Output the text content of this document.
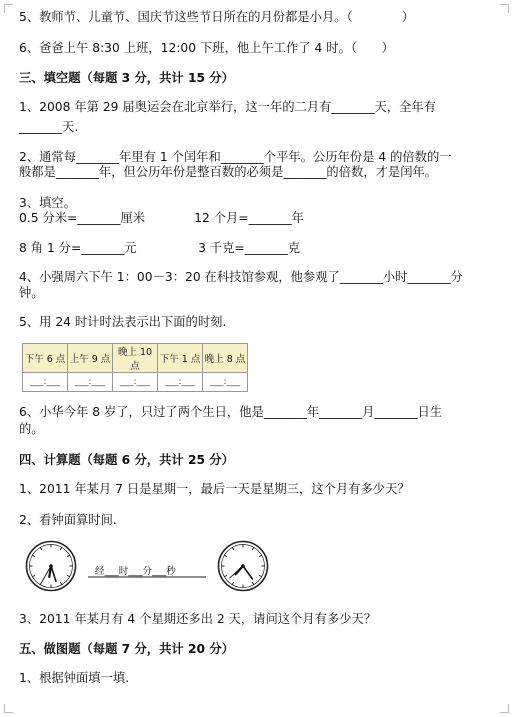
5、教师节、儿童节、国庆节这些节日所在的月份都是小月。（　　　　）
6、爸爸上午 8:30 上班，12:00 下班，他上午工作了 4 时。（　　）
三、填空题（每题 3 分，共计 15 分）
1、2008 年第 29 届奥运会在北京举行，这一年的二月有_______天，全年有
_______天.
2、通常每_______年里有 1 个闰年和_______个平年。公历年份是 4 的倍数的一
般都是_______年，但公历年份是整百数的必须是_______的倍数，才是闰年。
3、填空。
0.5 分米=_______厘米　　　　12 个月=_______年
8 角 1 分=_______元　　　　　3 千克=_______克
4、小强周六下午 1：00－3：20 在科技馆参观，他参观了_______小时_______分
钟。
5、用 24 时计时法表示出下面的时刻.
下午 6 点	上午 9 点	晚上 10 点	下午 1 点	晚上 8 点
___:___	___:___	___:___	___:___	___:___
6、小华今年 8 岁了，只过了两个生日，他是_______年_______月_______日生
的。
四、计算题（每题 6 分，共计 25 分）
1、2011 年某月 7 日是星期一，最后一天是星期三，这个月有多少天？
2、看钟面算时间.
经___时___分___秒
3、2011 年某月有 4 个星期还多出 2 天，请问这个月有多少天？
五、做图题（每题 7 分，共计 20 分）
1、根据钟面填一填.
